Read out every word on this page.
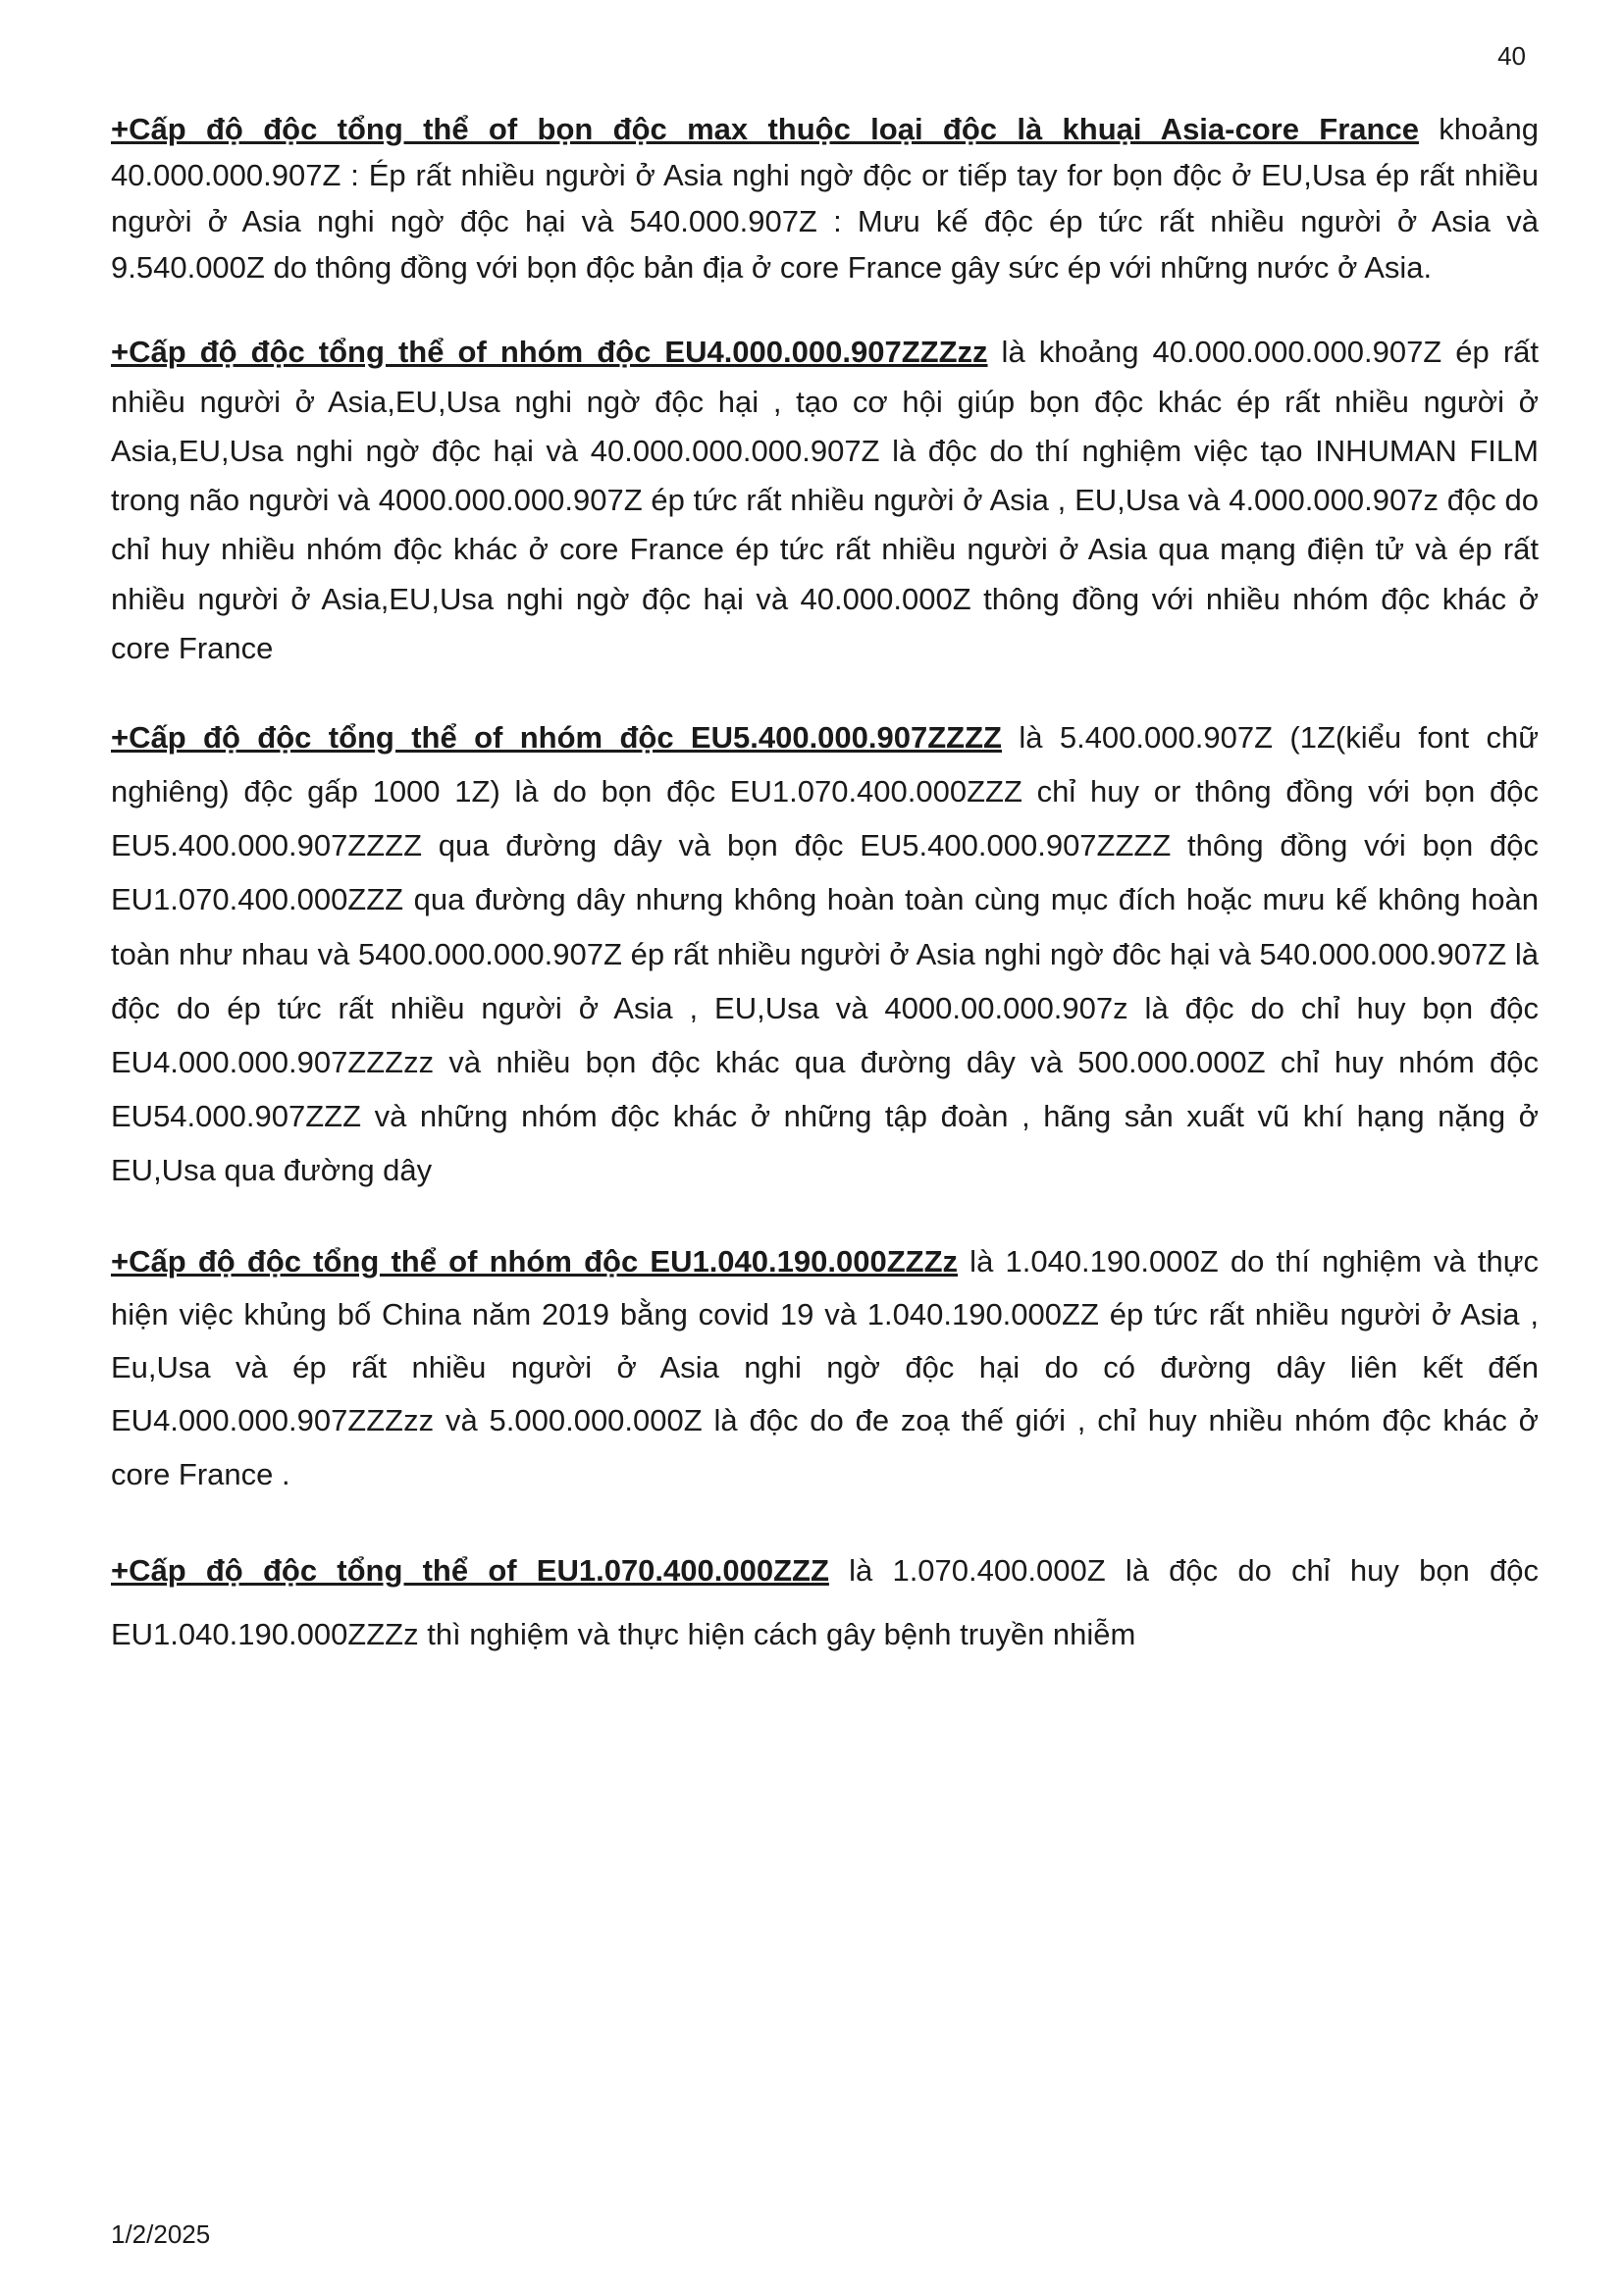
40

+Cấp độ độc tổng thể of bọn độc max thuộc loại độc là khuại Asia-core France khoảng 40.000.000.907Z : Ép rất nhiều người ở Asia nghi ngờ độc or tiếp tay for bọn độc ở EU,Usa ép rất nhiều người ở Asia nghi ngờ độc hại và 540.000.907Z : Mưu kế độc ép tức rất nhiều người ở Asia và 9.540.000Z do thông đồng với bọn độc bản địa ở core France gây sức ép với những nước ở Asia.

+Cấp độ độc tổng thể of nhóm độc EU4.000.000.907ZZZzz là khoảng 40.000.000.000.907Z ép rất nhiều người ở Asia,EU,Usa nghi ngờ độc hại , tạo cơ hội giúp bọn độc khác ép rất nhiều người ở Asia,EU,Usa nghi ngờ độc hại và 40.000.000.000.907Z là độc do thí nghiệm việc tạo INHUMAN FILM trong não người và 4000.000.000.907Z ép tức rất nhiều người ở Asia , EU,Usa và 4.000.000.907z độc do chỉ huy nhiều nhóm độc khác ở core France ép tức rất nhiều người ở Asia qua mạng điện tử và ép rất nhiều người ở Asia,EU,Usa nghi ngờ độc hại và 40.000.000Z thông đồng với nhiều nhóm độc khác ở core France

+Cấp độ độc tổng thể of nhóm độc EU5.400.000.907ZZZZ là 5.400.000.907Z (1Z(kiểu font chữ nghiêng) độc gấp 1000 1Z) là do bọn độc EU1.070.400.000ZZZ chỉ huy or thông đồng với bọn độc EU5.400.000.907ZZZZ qua đường dây và bọn độc EU5.400.000.907ZZZZ thông đồng với bọn độc EU1.070.400.000ZZZ qua đường dây nhưng không hoàn toàn cùng mục đích hoặc mưu kế không hoàn toàn như nhau và 5400.000.000.907Z ép rất nhiều người ở Asia nghi ngờ đôc hại và 540.000.000.907Z là độc do ép tức rất nhiều người ở Asia , EU,Usa và 4000.00.000.907z là độc do chỉ huy bọn độc EU4.000.000.907ZZZzz và nhiều bọn độc khác qua đường dây và 500.000.000Z chỉ huy nhóm độc EU54.000.907ZZZ và những nhóm độc khác ở những tập đoàn , hãng sản xuất vũ khí hạng nặng ở EU,Usa qua đường dây

+Cấp độ độc tổng thể of nhóm độc EU1.040.190.000ZZZz là 1.040.190.000Z do thí nghiệm và thực hiện việc khủng bố China năm 2019 bằng covid 19 và 1.040.190.000ZZ ép tức rất nhiều người ở Asia , Eu,Usa và ép rất nhiều người ở Asia nghi ngờ độc hại do có đường dây liên kết đến EU4.000.000.907ZZZzz và 5.000.000.000Z là độc do đe zoạ thế giới , chỉ huy nhiều nhóm độc khác ở core France .

+Cấp độ độc tổng thể of EU1.070.400.000ZZZ là 1.070.400.000Z là độc do chỉ huy bọn độc EU1.040.190.000ZZZz thì nghiệm và thực hiện cách gây bệnh truyền nhiễm

1/2/2025
